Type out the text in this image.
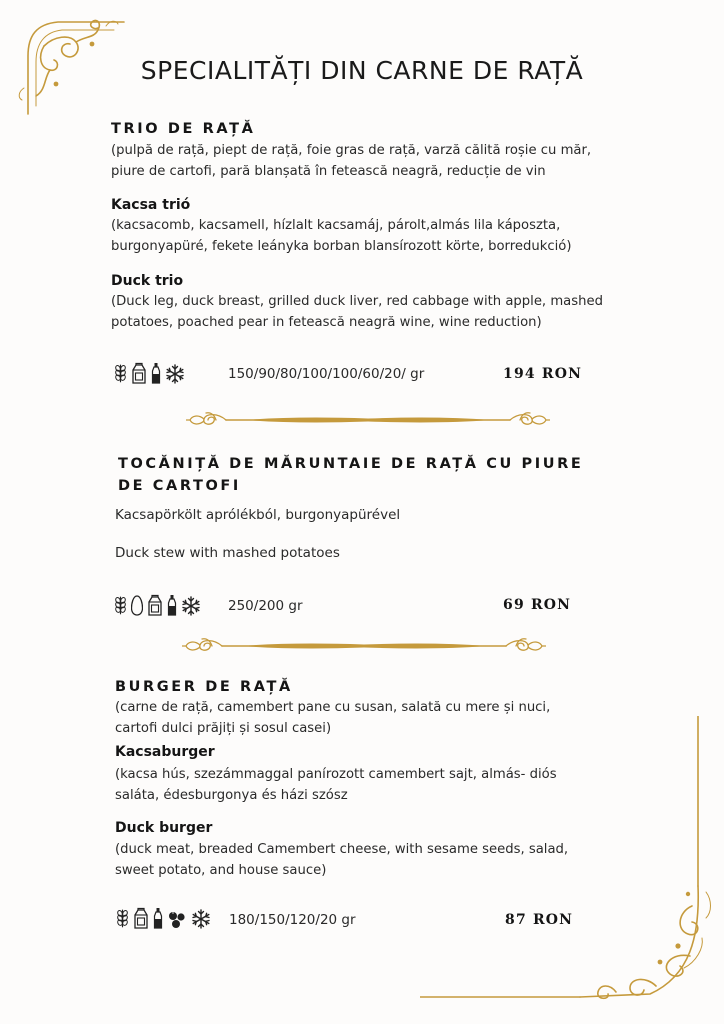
SPECIALITĂȚI DIN CARNE DE RAȚĂ
TRIO DE RAȚĂ
(pulpă de rață, piept de rață, foie gras de rață, varză călită roșie cu măr,
piure de cartofi, pară blanșată în fetească neagră, reducție de vin
Kacsa trió
(kacsacomb, kacsamell, hízlalt kacsamáj, párolt,almás lila káposzta,
burgonyapüré, fekete leányka borban blansírozott körte, borredukció)
Duck trio
(Duck leg, duck breast, grilled duck liver, red cabbage with apple, mashed
potatoes, poached pear in fetească neagră wine, wine reduction)
150/90/80/100/100/60/20/ gr	194 RON
TOCĂNIȚĂ DE MĂRUNTAIE DE RAȚĂ CU PIURE
DE CARTOFI
Kacsapörkölt aprólékból, burgonyapürével
Duck stew with mashed potatoes
250/200 gr	69 RON
BURGER DE RAȚĂ
(carne de rață, camembert pane cu susan, salată cu mere și nuci,
cartofi dulci prăjiți și sosul casei)
Kacsaburger
(kacsa hús, szezámmaggal panírozott camembert sajt, almás- diós
saláta, édesburgonya és házi szósz
Duck burger
(duck meat, breaded Camembert cheese, with sesame seeds, salad,
sweet potato, and house sauce)
180/150/120/20 gr	87 RON
